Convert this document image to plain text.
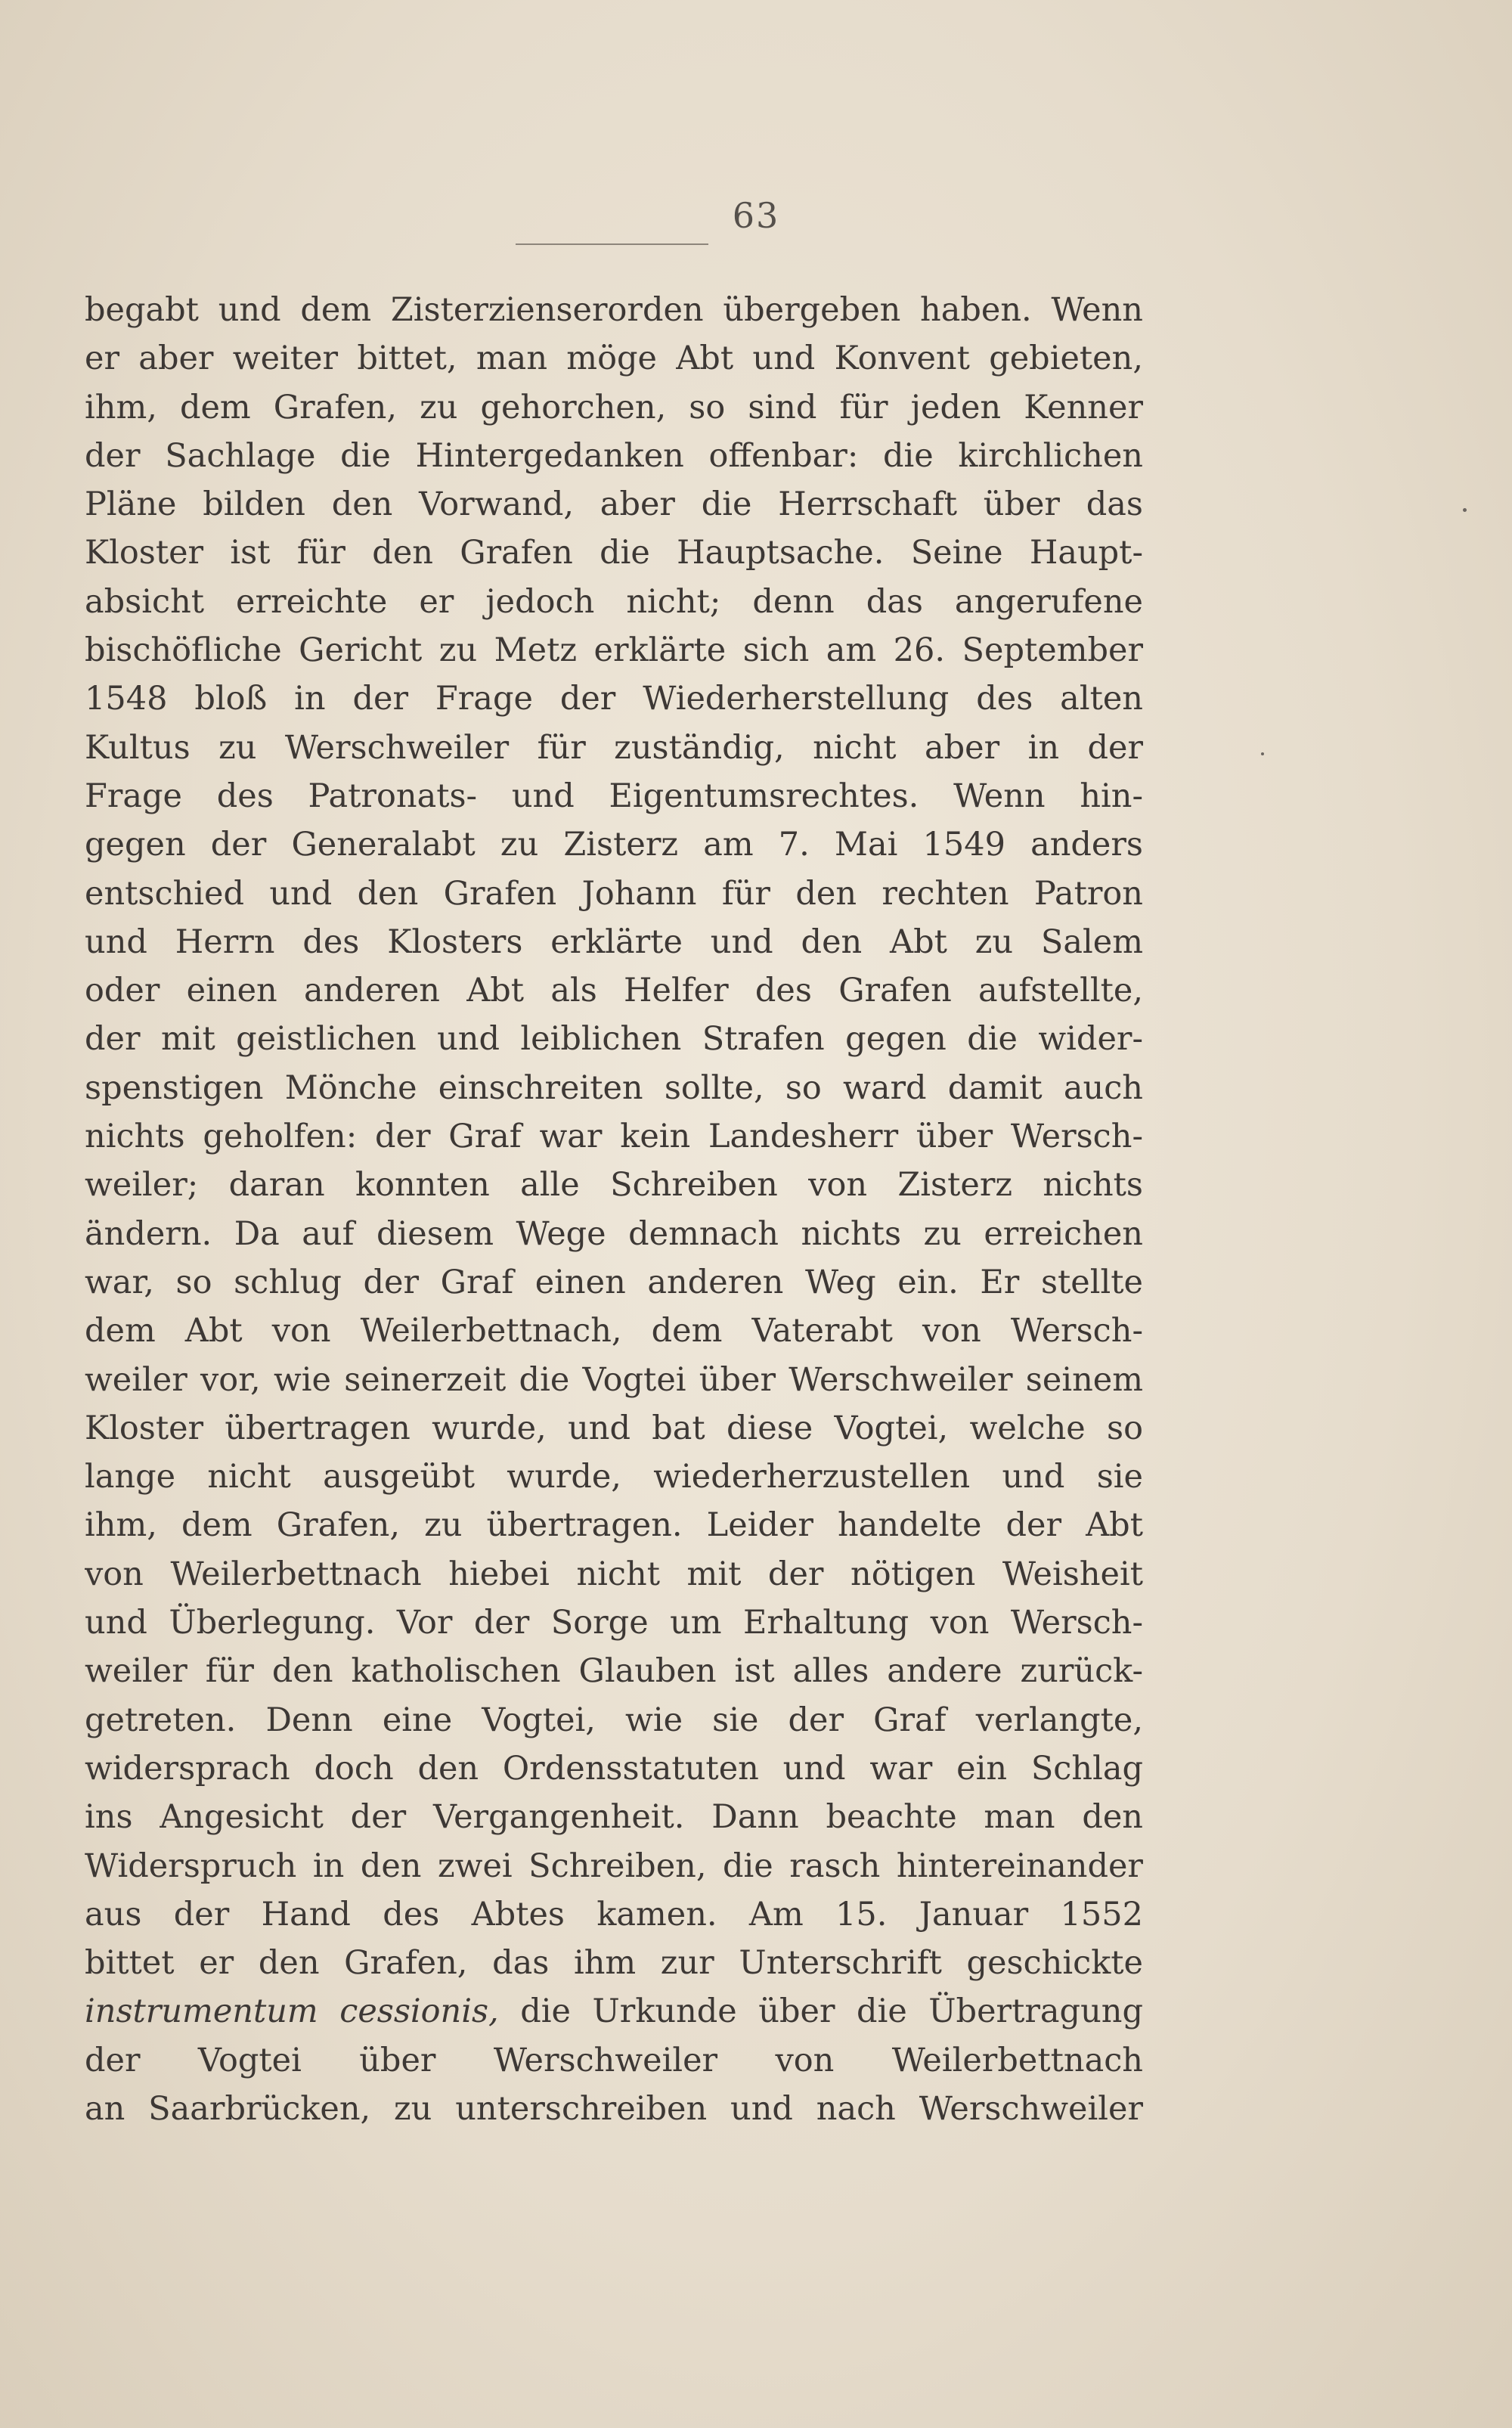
63
begabt und dem Zisterzienserorden übergeben haben. Wenn
er aber weiter bittet, man möge Abt und Konvent gebieten,
ihm, dem Grafen, zu gehorchen, so sind für jeden Kenner
der Sachlage die Hintergedanken offenbar: die kirchlichen
Pläne bilden den Vorwand, aber die Herrschaft über das
Kloster ist für den Grafen die Hauptsache. Seine Haupt-
absicht erreichte er jedoch nicht; denn das angerufene
bischöfliche Gericht zu Metz erklärte sich am 26. September
1548 bloß in der Frage der Wiederherstellung des alten
Kultus zu Werschweiler für zuständig, nicht aber in der
Frage des Patronats- und Eigentumsrechtes. Wenn hin-
gegen der Generalabt zu Zisterz am 7. Mai 1549 anders
entschied und den Grafen Johann für den rechten Patron
und Herrn des Klosters erklärte und den Abt zu Salem
oder einen anderen Abt als Helfer des Grafen aufstellte,
der mit geistlichen und leiblichen Strafen gegen die wider-
spenstigen Mönche einschreiten sollte, so ward damit auch
nichts geholfen: der Graf war kein Landesherr über Wersch-
weiler; daran konnten alle Schreiben von Zisterz nichts
ändern. Da auf diesem Wege demnach nichts zu erreichen
war, so schlug der Graf einen anderen Weg ein. Er stellte
dem Abt von Weilerbettnach, dem Vaterabt von Wersch-
weiler vor, wie seinerzeit die Vogtei über Werschweiler seinem
Kloster übertragen wurde, und bat diese Vogtei, welche so
lange nicht ausgeübt wurde, wiederherzustellen und sie
ihm, dem Grafen, zu übertragen. Leider handelte der Abt
von Weilerbettnach hiebei nicht mit der nötigen Weisheit
und Überlegung. Vor der Sorge um Erhaltung von Wersch-
weiler für den katholischen Glauben ist alles andere zurück-
getreten. Denn eine Vogtei, wie sie der Graf verlangte,
widersprach doch den Ordensstatuten und war ein Schlag
ins Angesicht der Vergangenheit. Dann beachte man den
Widerspruch in den zwei Schreiben, die rasch hintereinander
aus der Hand des Abtes kamen. Am 15. Januar 1552
bittet er den Grafen, das ihm zur Unterschrift geschickte
instrumentum cessionis, die Urkunde über die Übertragung
der Vogtei über Werschweiler von Weilerbettnach
an Saarbrücken, zu unterschreiben und nach Werschweiler
